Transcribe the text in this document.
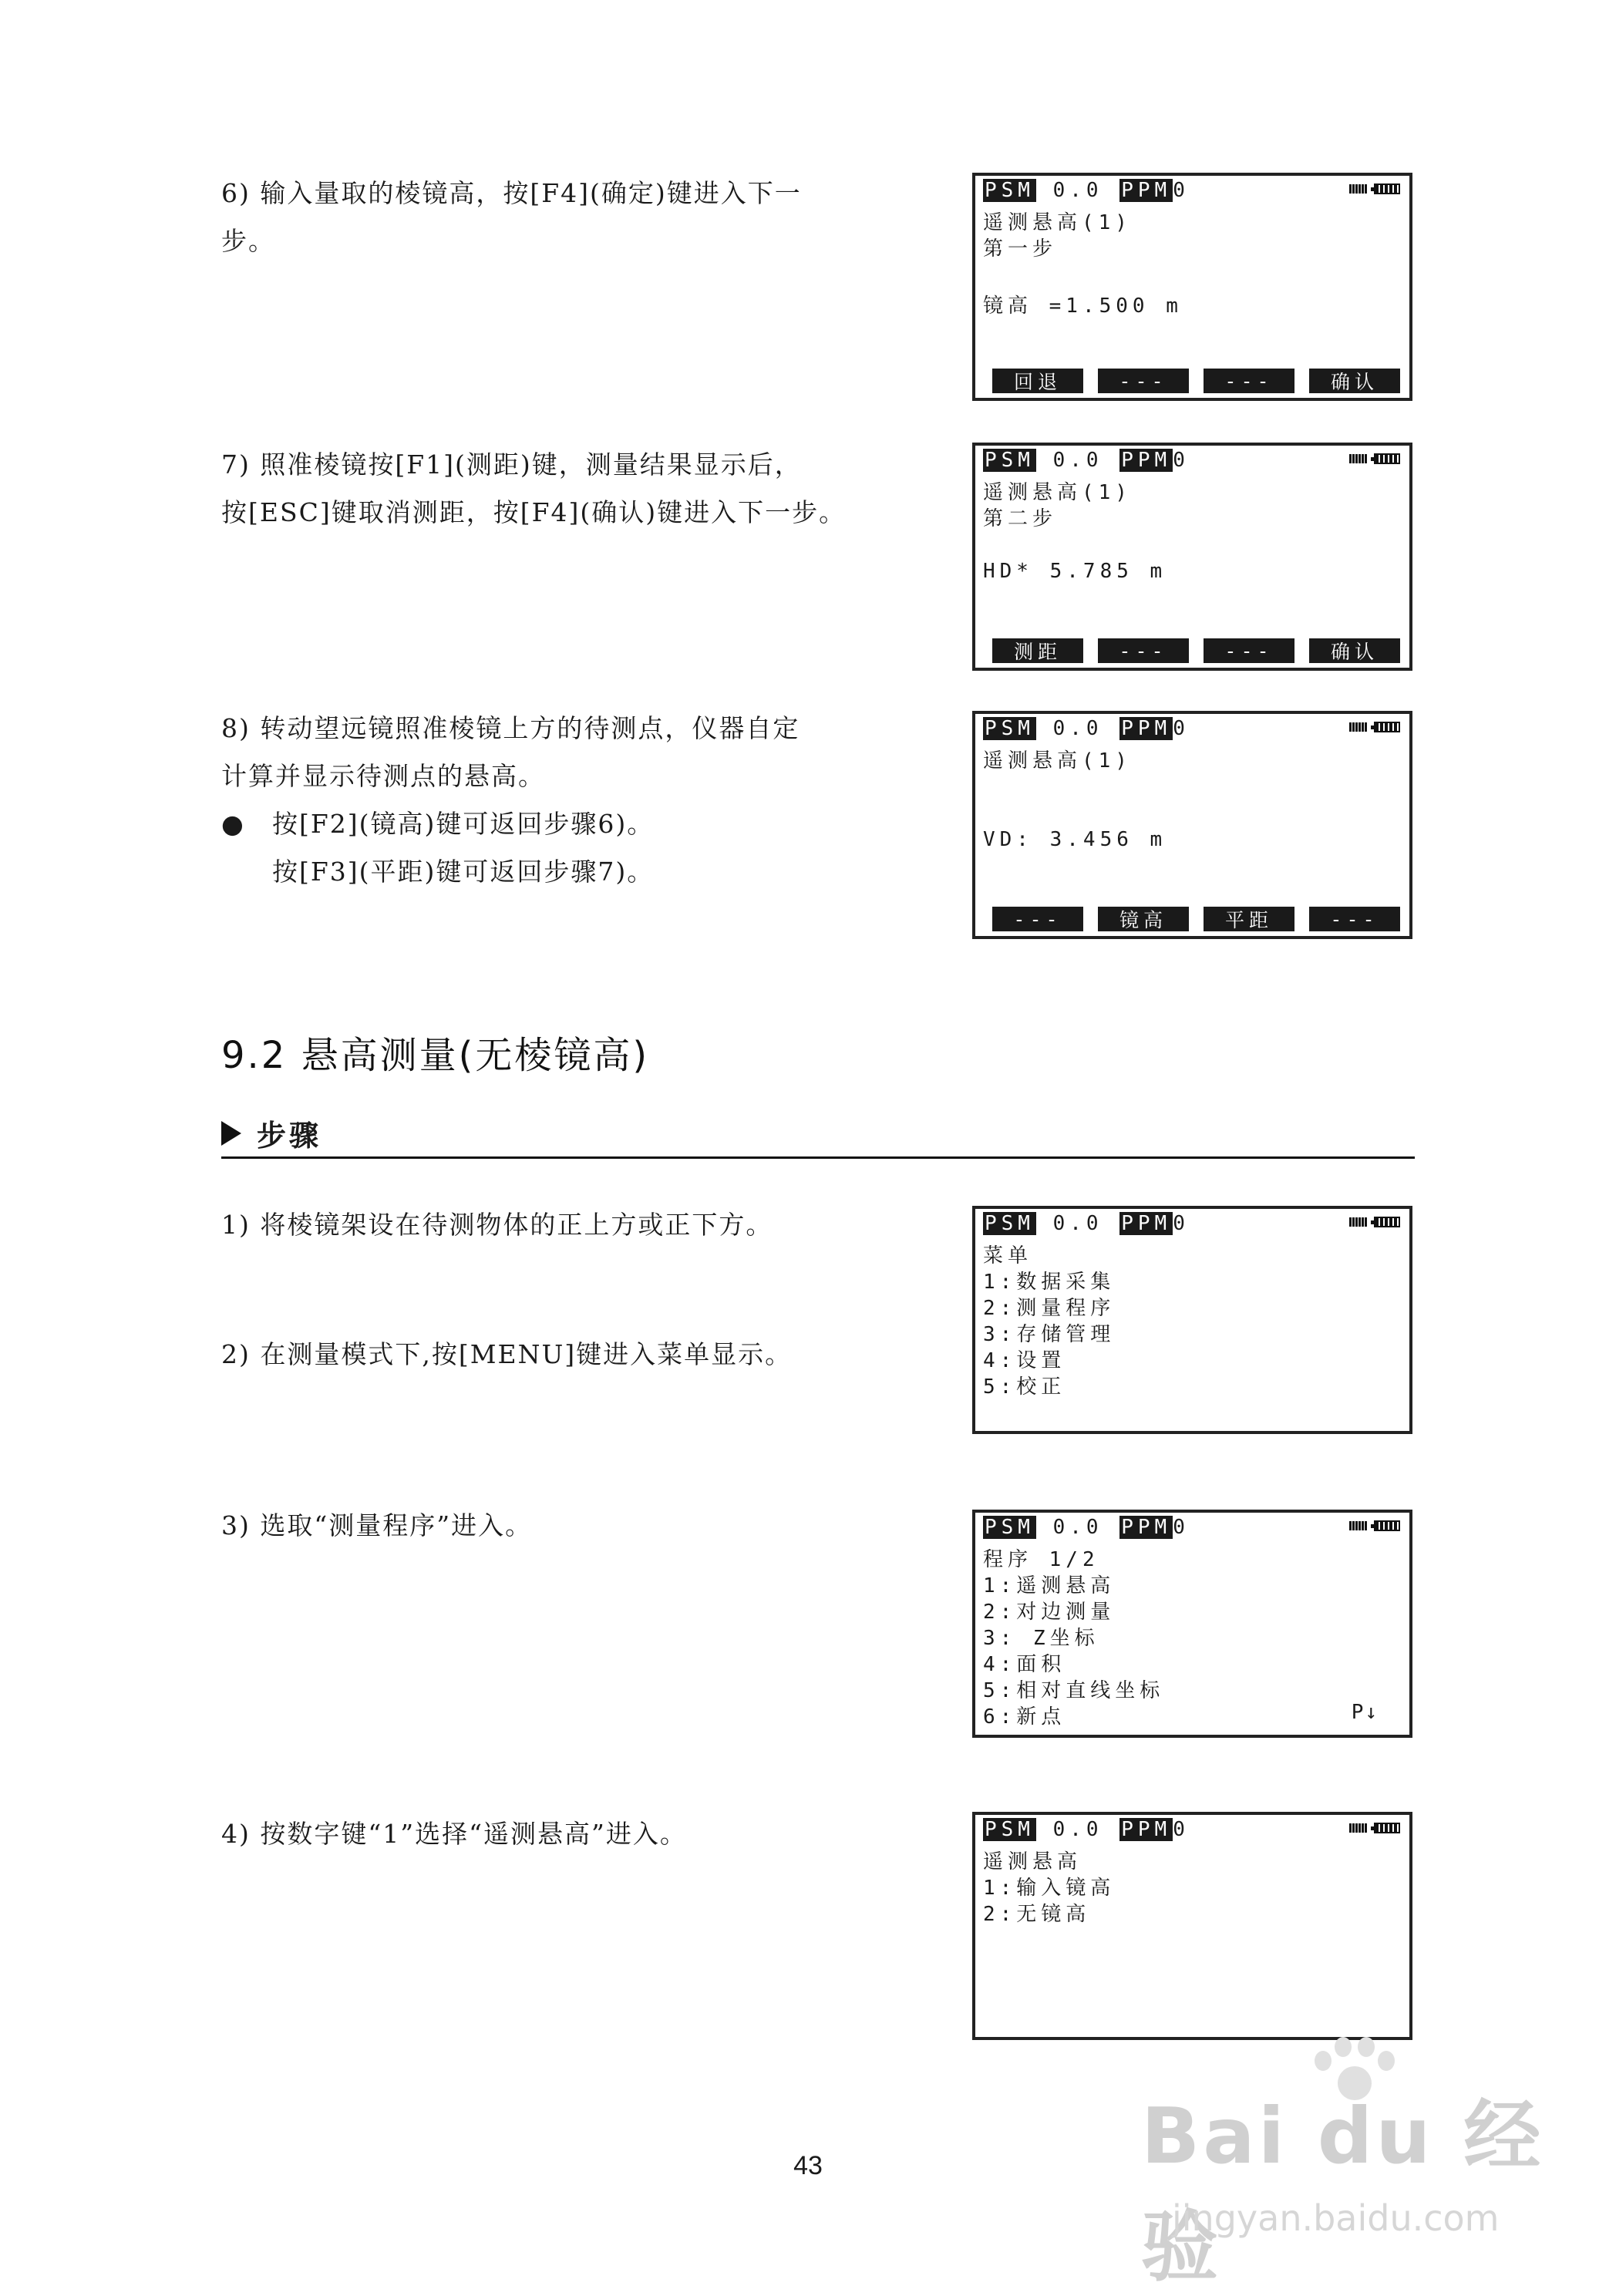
6) 输入量取的棱镜高，按[F4](确定)键进入下一
步。
7) 照准棱镜按[F1](测距)键，测量结果显示后，
按[ESC]键取消测距，按[F4](确认)键进入下一步。
8) 转动望远镜照准棱镜上方的待测点，仪器自定
计算并显示待测点的悬高。
● 按[F2](镜高)键可返回步骤6)。
按[F3](平距)键可返回步骤7)。
PSM 0.0 PPM0
遥测悬高(1)
第一步
镜高 =1.500 m
回退	---	---	确认
PSM 0.0 PPM0
遥测悬高(1)
第二步
HD* 5.785 m
测距	---	---	确认
PSM 0.0 PPM0
遥测悬高(1)
VD: 3.456 m
---	镜高	平距	---
9.2 悬高测量(无棱镜高)
步骤
1) 将棱镜架设在待测物体的正上方或正下方。
2) 在测量模式下,按[MENU]键进入菜单显示。
3) 选取“测量程序”进入。
4) 按数字键“1”选择“遥测悬高”进入。
PSM 0.0 PPM0
菜单
1:数据采集
2:测量程序
3:存储管理
4:设置
5:校正
PSM 0.0 PPM0
程序 1/2
1:遥测悬高
2:对边测量
3: Z坐标
4:面积
5:相对直线坐标
6:新点	P↓
PSM 0.0 PPM0
遥测悬高
1:输入镜高
2:无镜高
43	Bai du 经验
jingyan.baidu.com
